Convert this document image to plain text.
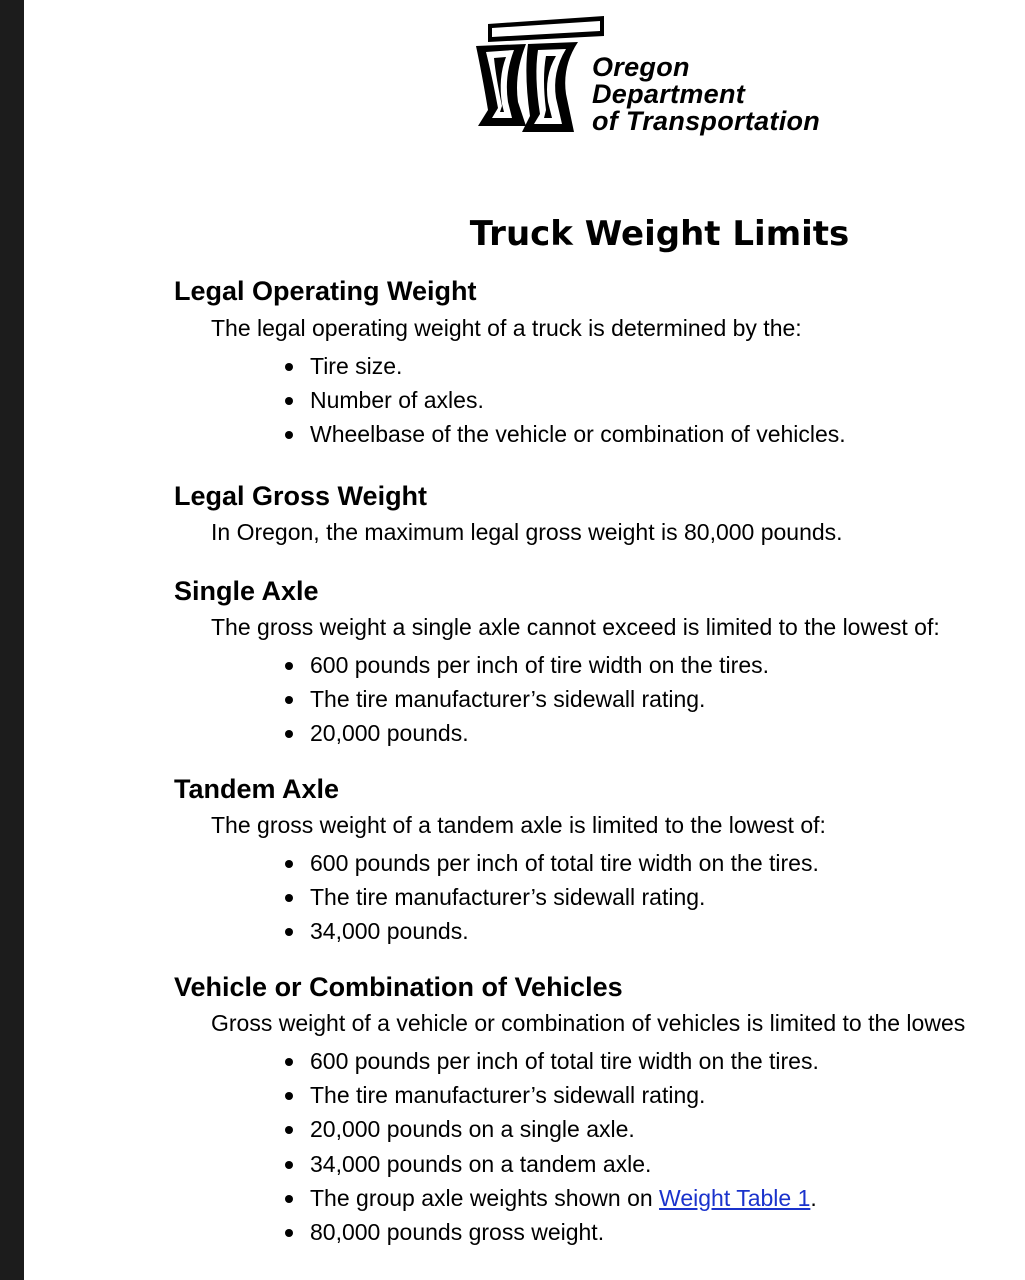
Oregon
Department
of Transportation
Truck Weight Limits
Legal Operating Weight

The legal operating weight of a truck is determined by the:

Tire size.
Number of axles.
Wheelbase of the vehicle or combination of vehicles.
Legal Gross Weight

In Oregon, the maximum legal gross weight is 80,000 pounds.

Single Axle

The gross weight a single axle cannot exceed is limited to the lowest of:

600 pounds per inch of tire width on the tires.
The tire manufacturer’s sidewall rating.
20,000 pounds.
Tandem Axle

The gross weight of a tandem axle is limited to the lowest of:

600 pounds per inch of total tire width on the tires.
The tire manufacturer’s sidewall rating.
34,000 pounds.
Vehicle or Combination of Vehicles

Gross weight of a vehicle or combination of vehicles is limited to the lowes

600 pounds per inch of total tire width on the tires.
The tire manufacturer’s sidewall rating.
20,000 pounds on a single axle.
34,000 pounds on a tandem axle.
The group axle weights shown on Weight Table 1.
80,000 pounds gross weight.
